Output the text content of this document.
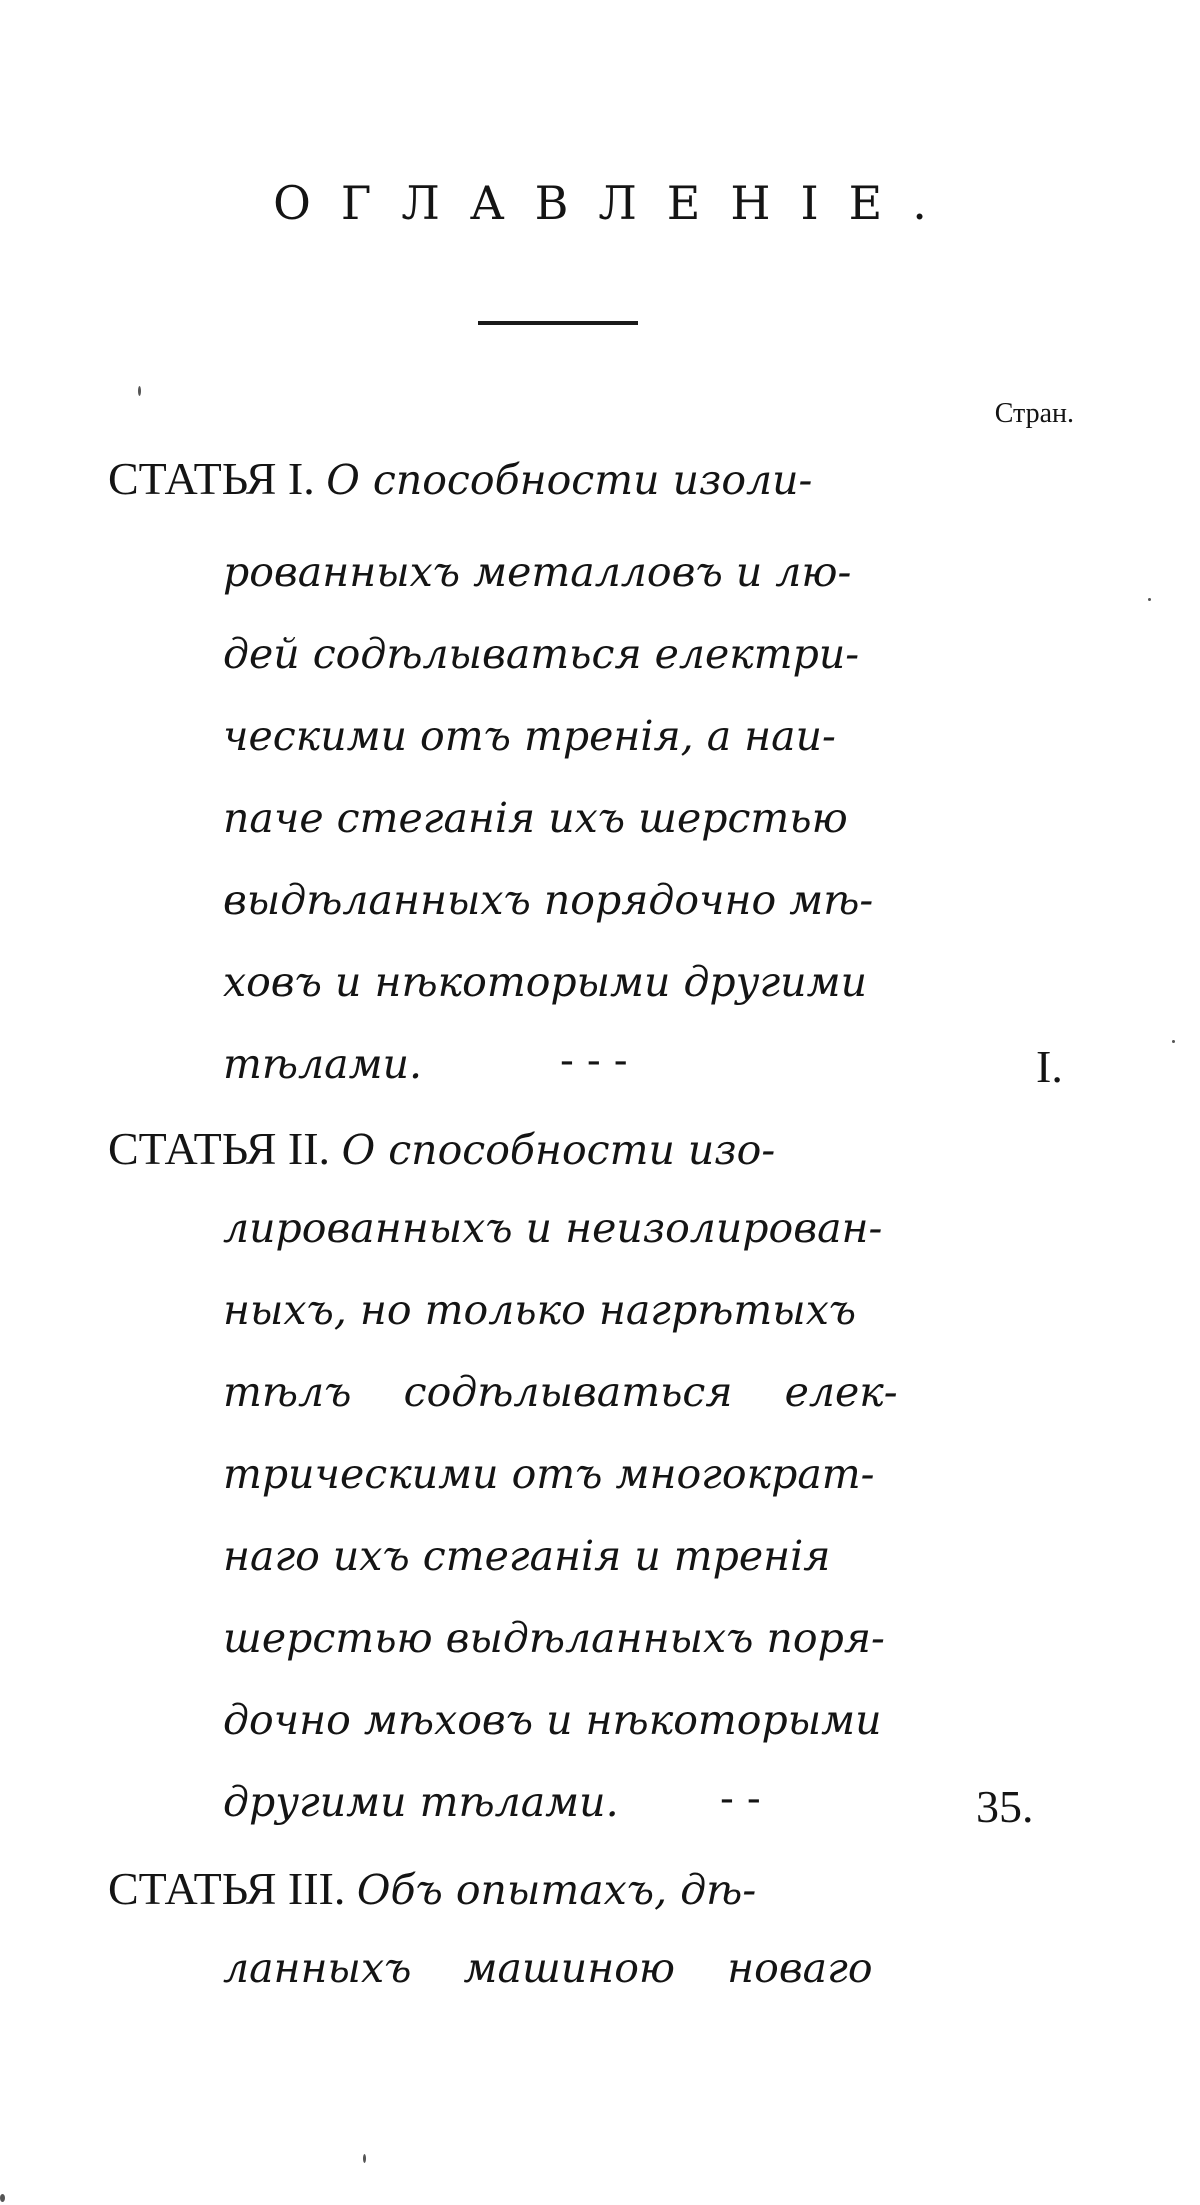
ОГЛАВЛЕНIЕ.
Стран.
СТАТЬЯ I. О способности изоли-
рованныхъ металловъ и лю-
дей содѣлываться електри-
ческими отъ тренiя, а наи-
паче стеганiя ихъ шерстью
выдѣланныхъ порядочно мѣ-
ховъ и нѣкоторыми другими
тѣлами.	- - -	I.
СТАТЬЯ II. О способности изо-
лированныхъ и неизолирован-
ныхъ, но только нагрѣтыхъ
тѣлъ    содѣлываться    елек-
трическими отъ многократ-
наго ихъ стеганiя и тренiя
шерстью выдѣланныхъ поря-
дочно мѣховъ и нѣкоторыми
другими тѣлами. - -	35.
СТАТЬЯ III. Объ опытахъ, дѣ-
ланныхъ    машиною    новаго
